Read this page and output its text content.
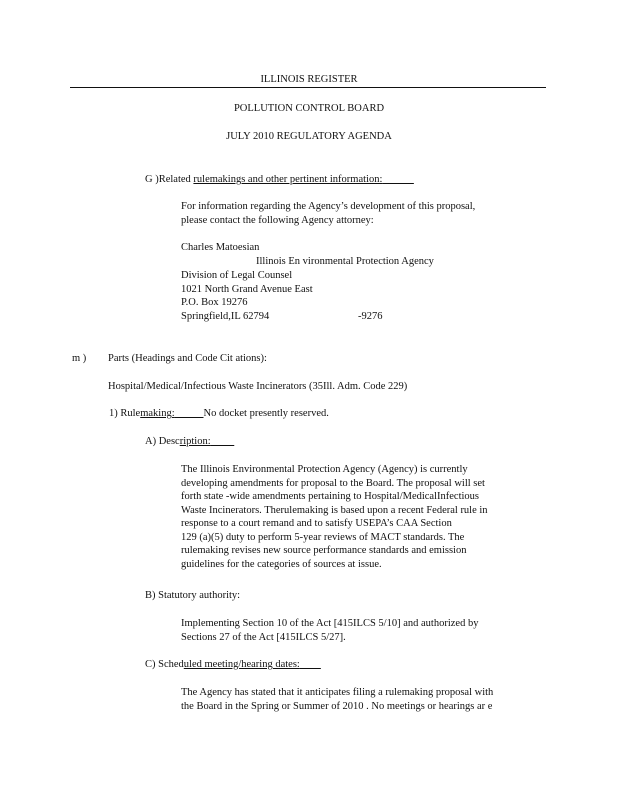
ILLINOIS REGISTER
POLLUTION CONTROL BOARD
JULY 2010 REGULATORY AGENDA
G )Related rulemakings and other pertinent information:
For information regarding the Agency’s development of this proposal,
please contact the following Agency attorney:
Charles Matoesian
Illinois En vironmental Protection Agency
Division of Legal Counsel
1021 North Grand Avenue East
P.O. Box 19276
Springfield,IL 62794	-9276
m ) Parts (Headings and Code Cit ations):
Hospital/Medical/Infectious Waste Incinerators (35Ill. Adm. Code 229)
1) Rulemaking:	No docket presently reserved.
A) Description:
The Illinois Environmental Protection Agency (Agency) is currently
developing amendments for proposal to the Board. The proposal will set
forth state -wide amendments pertaining to Hospital/MedicalInfectious
Waste Incinerators. Therulemaking is based upon a recent Federal rule in
response to a court remand and to satisfy USEPA’s CAA Section
129 (a)(5) duty to perform 5-year reviews of MACT standards. The
rulemaking revises new source performance standards and emission
guidelines for the categories of sources at issue.
B) Statutory authority:
Implementing Section 10 of the Act [415ILCS 5/10] and authorized by
Sections 27 of the Act [415ILCS 5/27].
C) Scheduled meeting/hearing dates:
The Agency has stated that it anticipates filing a rulemaking proposal with
the Board in the Spring or Summer of 2010 . No meetings or hearings ar e
